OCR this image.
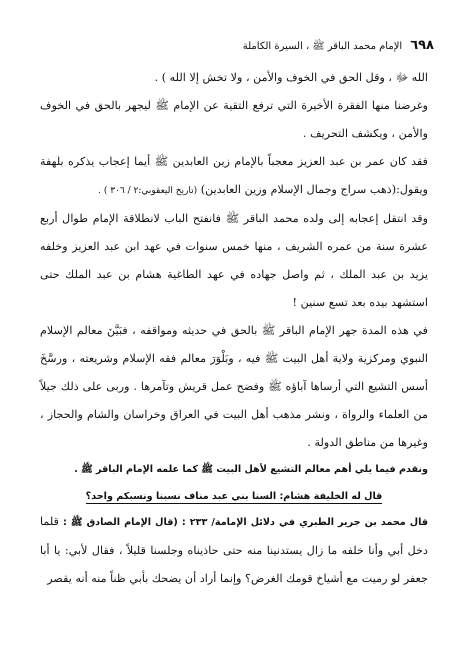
٦٩٨
الإمام محمد الباقر ﷺ ، السيرة الكاملة

الله ﷻ ، وقل الحق في الخوف والأمن ، ولا تخش إلا الله ) .

وغرضنا منها الفقرة الأخيرة التي ترفع التقية عن الإمام ﷺ ليجهر بالحق في الخوف والأمن ، ويكشف التحريف .

فقد كان عمر بن عبد العزيز معجباً بالإمام زين العابدين ﷺ أيما إعجاب يذكره بلهفة ويقول:(ذهب سراج وجمال الإسلام وزين العابدين) (تاريخ اليعقوبي:٢ / ٣٠٦ ) .

وقد انتقل إعجابه إلى ولده محمد الباقر ﷺ فانفتح الباب لانطلاقة الإمام طوال أربع عشرة سنة من عمره الشريف ، منها خمس سنوات في عهد ابن عبد العزيز وخلفه يزيد بن عبد الملك ، ثم واصل جهاده في عهد الطاغية هشام بن عبد الملك حتى استشهد بيده بعد تسع سنين !

في هذه المدة جهر الإمام الباقر ﷺ بالحق في حديثه ومواقفه ، فبَيَّنَ معالم الإسلام النبوي ومركزية ولاية أهل البيت ﷺ فيه ، وبَلْوَرَ معالم فقه الإسلام وشريعته ، ورسَّخَ أسس التشيع التي أرساها آباؤه ﷺ وفضح عمل قريش وتآمرها . وربى على ذلك جيلاً من العلماء والرواة ، ونشر مذهب أهل البيت في العراق وخراسان والشام والحجاز ، وغيرها من مناطق الدولة .

ونقدم فيما يلي أهم معالم التشيع لأهل البيت ﷺ كما علمه الإمام الباقر ﷺ .

قال له الخليفة هشام: السنا بني عبد مناف نسبنا ونسبكم واحد؟

قال محمد بن جرير الطبري في دلائل الإمامة/ ٢٣٣ : (قال الإمام الصادق ﷺ : قلما دخل أبي وأنا خلفه ما زال يستدنينا منه حتى حاذيناه وجلسنا قليلاً ، فقال لأبي: يا أبا جعفر لو رميت مع أشياخ قومك الغرض؟ وإنما أراد أن يضحك بأبي ظناً منه أنه يقصر
